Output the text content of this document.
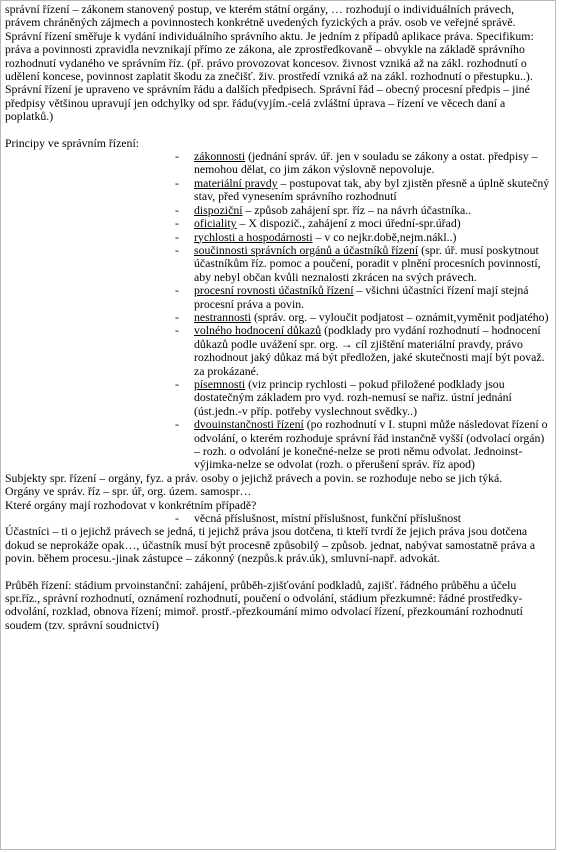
správní řízení – zákonem stanovený postup, ve kterém státní orgány, … rozhodují o individuálních právech, právem chráněných zájmech a povinnostech konkrétně uvedených fyzických a práv. osob ve veřejné správě. Správní řízení směřuje k vydání individuálního správního aktu. Je jedním z případů aplikace práva. Specifikum: práva a povinnosti zpravidla nevznikají přímo ze zákona, ale zprostředkovaně – obvykle na základě správního rozhodnutí vydaného ve správním říz. (př. právo provozovat koncesov. živnost vzniká až na zákl. rozhodnutí o udělení koncese, povinnost zaplatit škodu za znečišť. živ. prostředí vzniká až na zákl. rozhodnutí o přestupku..). Správní řízení je upraveno ve správním řádu a dalších předpisech. Správní řád – obecný procesní předpis – jiné předpisy většinou upravují jen odchylky od spr. řádu(vyjím.-celá zvláštní úprava – řízení ve věcech daní a poplatků.)

Principy ve správním řízení:

- zákonnosti (jednání správ. úř. jen v souladu se zákony a ostat. předpisy – nemohou dělat, co jim zákon výslovně nepovoluje.
- materiální pravdy – postupovat tak, aby byl zjistěn přesně a úplně skutečný stav, před vynesením správního rozhodnutí
- dispoziční – způsob zahájení spr. říz – na návrh účastníka..
- oficiality – X dispozič., zahájení z moci úřední-spr.úřad)
- rychlosti a hospodárnosti – v co nejkr.době,nejm.nákl..)
- součinnosti správních orgánů a účastníků řízení (spr. úř. musí poskytnout účastníkům říz. pomoc a poučení, poradit v plnění procesních povinností, aby nebyl občan kvůli neznalosti zkrácen na svých právech.
- procesní rovnosti účastníků řízení – všichni účastníci řízení mají stejná procesní práva a povin.
- nestrannosti (správ. org. – vyloučit podjatost – oznámit,vyměnit podjatého)
- volného hodnocení důkazů (podklady pro vydání rozhodnutí – hodnocení důkazů podle uvážení spr. org. → cíl zjištění materiální pravdy, právo rozhodnout jaký důkaz má být předložen, jaké skutečnosti mají být považ. za prokázané.
- písemnosti (viz princip rychlosti – pokud přiložené podklady jsou dostatečným základem pro vyd. rozh-nemusí se nařiz. ústní jednání (úst.jedn.-v příp. potřeby vyslechnout svědky..)
- dvouinstančnosti řízení (po rozhodnutí v I. stupni může následovat řízení o odvolání, o kterém rozhoduje správní řád instančně vyšší (odvolací orgán) – rozh. o odvolání je konečné-nelze se proti němu odvolat. Jednoinst-výjimka-nelze se odvolat (rozh. o přerušení správ. říz apod)

Subjekty spr. řízení – orgány, fyz. a práv. osoby o jejichž právech a povin. se rozhoduje nebo se jich týká.

Orgány ve správ. říz – spr. úř, org. územ. samospr…

Které orgány mají rozhodovat v konkrétním případě?

- věcná příslušnost, místní příslušnost, funkční příslušnost

Účastníci – ti o jejichž právech se jedná, ti jejichž práva jsou dotčena, ti kteří tvrdí že jejich práva jsou dotčena dokud se neprokáže opak…, účastník musí být procesně způsobilý – způsob. jednat, nabývat samostatně práva a povin. během procesu.-jinak zástupce – zákonný (nezpůs.k práv.úk), smluvní-např. advokát.

Průběh řízení: stádium prvoinstanční: zahájení, průběh-zjišťování podkladů, zajišť. řádného průběhu a účelu spr.říz., správní rozhodnutí, oznámení rozhodnutí, poučení o odvolání, stádium přezkumné: řádné prostředky-odvolání, rozklad, obnova řízení; mimoř. prostř.-přezkoumání mimo odvolací řízení, přezkoumání rozhodnutí soudem (tzv. správní soudnictví)
